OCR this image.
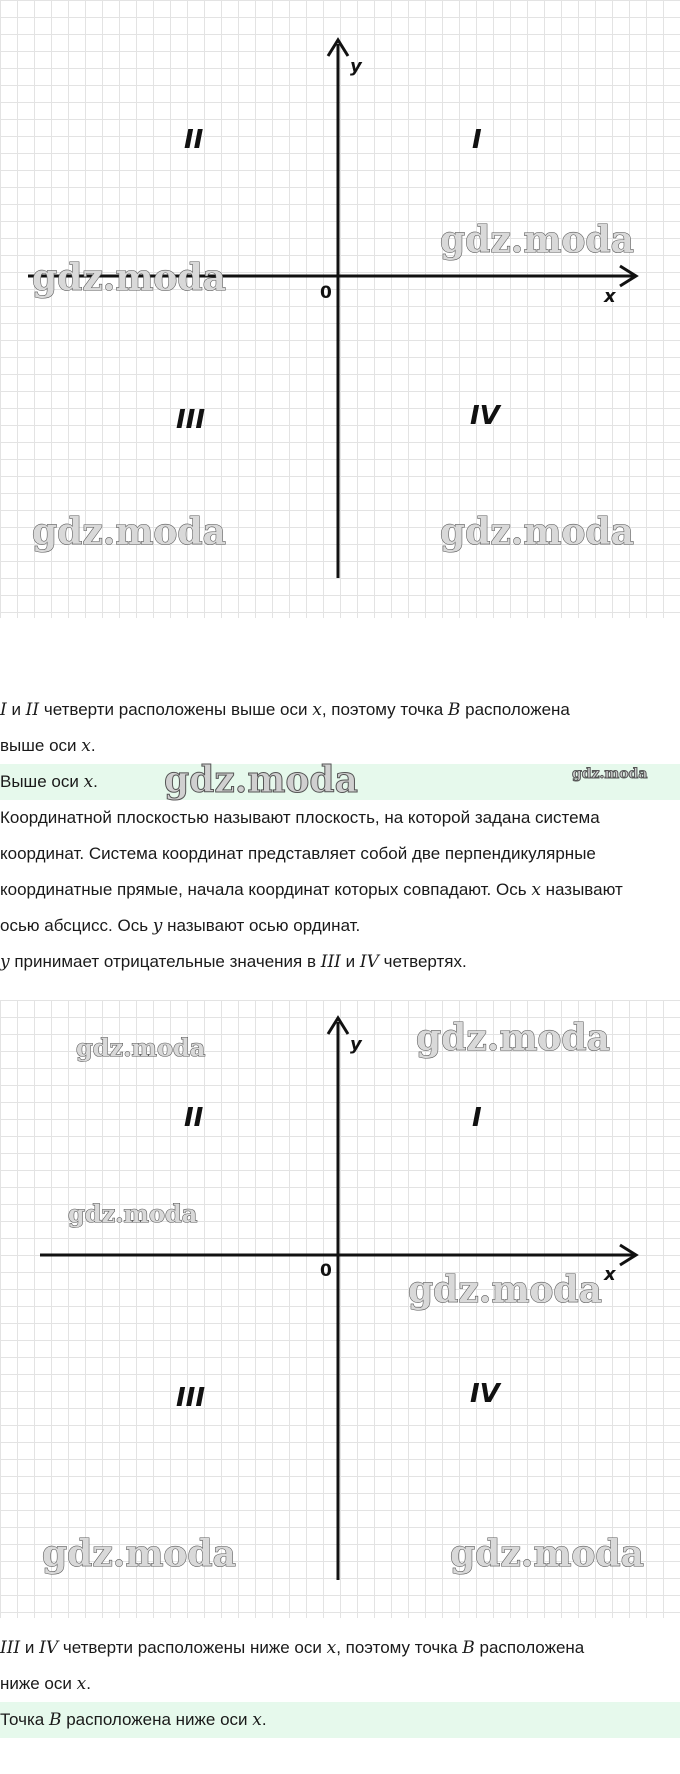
y
x
0
I
II
III	IV
gdz.moda
gdz.moda
gdz.moda	gdz.moda
I и II четверти расположены выше оси x, поэтому точка B расположена
выше оси x.
Выше оси x. gdz.moda	gdz.moda
Координатной плоскостью называют плоскость, на которой задана система
координат. Система координат представляет собой две перпендикулярные
координатные прямые, начала координат которых совпадают. Ось x называют
осью абсцисс. Ось y называют осью ординат.
y принимает отрицательные значения в III и IV четвертях.
y
x
0
I
II
III	IV
gdz.moda	gdz.moda
gdz.moda
gdz.moda
gdz.moda	gdz.moda
III и IV четверти расположены ниже оси x, поэтому точка B расположена
ниже оси x.
Точка B расположена ниже оси x.
